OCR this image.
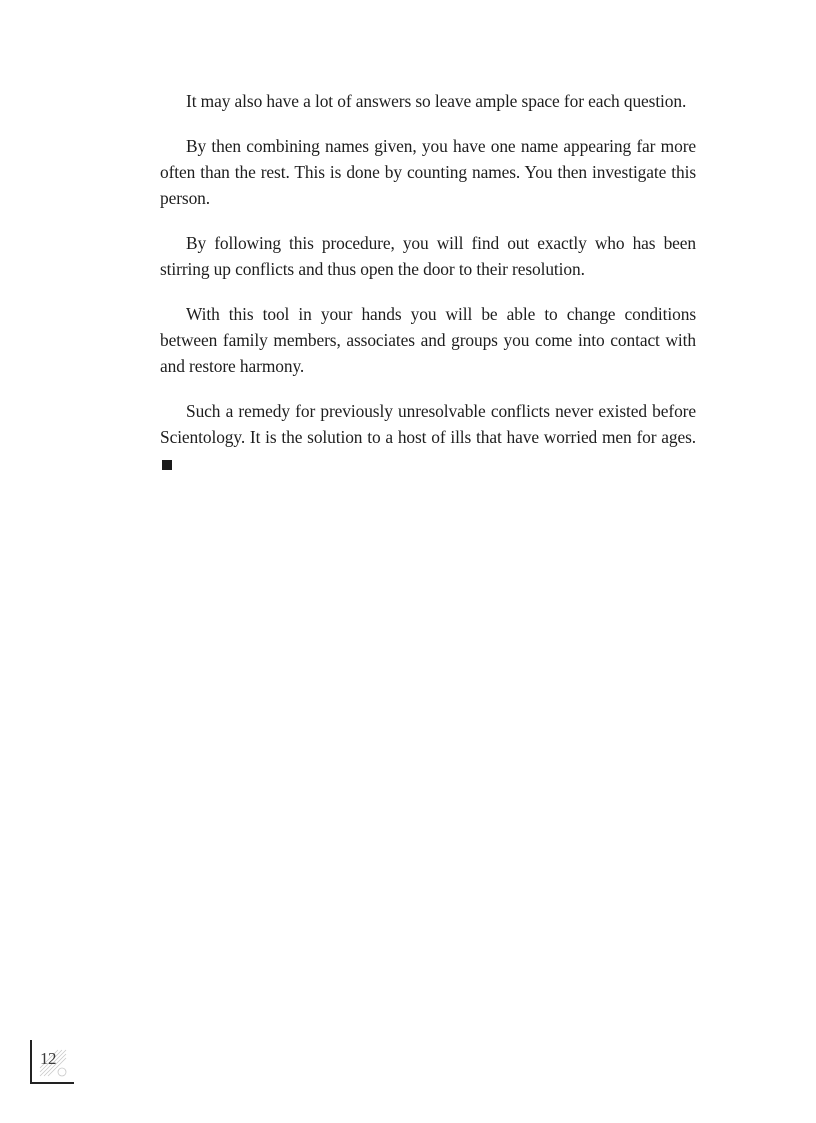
It may also have a lot of answers so leave ample space for each question.

By then combining names given, you have one name appearing far more often than the rest. This is done by counting names. You then investigate this person.

By following this procedure, you will find out exactly who has been stirring up conflicts and thus open the door to their resolution.

With this tool in your hands you will be able to change conditions between family members, associates and groups you come into contact with and restore harmony.

Such a remedy for previously unresolvable conflicts never existed before Scientology. It is the solution to a host of ills that have worried men for ages.

12
